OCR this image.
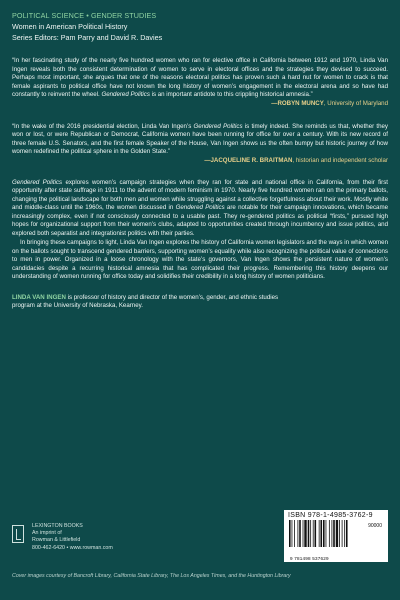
POLITICAL SCIENCE • GENDER STUDIES
Women in American Political History
Series Editors: Pam Parry and David R. Davies
“In her fascinating study of the nearly five hundred women who ran for elective office in California between 1912 and 1970, Linda Van Ingen reveals both the consistent determination of women to serve in electoral offices and the strategies they devised to succeed. Perhaps most important, she argues that one of the reasons electoral politics has proven such a hard nut for women to crack is that female aspirants to political office have not known the long history of women’s engagement in the electoral arena and so have had constantly to reinvent the wheel. Gendered Politics is an important antidote to this crippling historical amnesia.”
—ROBYN MUNCY, University of Maryland
“In the wake of the 2016 presidential election, Linda Van Ingen’s Gendered Politics is timely indeed. She reminds us that, whether they won or lost, or were Republican or Democrat, California women have been running for office for over a century. With its new record of three female U.S. Senators, and the first female Speaker of the House, Van Ingen shows us the often bumpy but historic journey of how women redefined the political sphere in the Golden State.”
—JACQUELINE R. BRAITMAN, historian and independent scholar

Gendered Politics explores women’s campaign strategies when they ran for state and national office in California, from their first opportunity after state suffrage in 1911 to the advent of modern feminism in 1970. Nearly five hundred women ran on the primary ballots, changing the political landscape for both men and women while struggling against a collective forgetfulness about their work. Mostly white and middle-class until the 1960s, the women discussed in Gendered Politics are notable for their campaign innovations, which became increasingly complex, even if not consciously connected to a usable past. They re-gendered politics as political “firsts,” pursued high hopes for organizational support from their women’s clubs, adapted to opportunities created through incumbency and issue politics, and explored both separatist and integrationist politics with their parties.

In bringing these campaigns to light, Linda Van Ingen explores the history of California women legislators and the ways in which women on the ballots sought to transcend gendered barriers, supporting women’s equality while also recognizing the political value of connections to men in power. Organized in a loose chronology with the state’s governors, Van Ingen shows the persistent nature of women’s candidacies despite a recurring historical amnesia that has complicated their progress. Remembering this history deepens our understanding of women running for office today and solidifies their credibility in a long history of women politicians.

LINDA VAN INGEN is professor of history and director of the women’s, gender, and ethnic studies program at the University of Nebraska, Kearney.
LEXINGTON BOOKS
An imprint of
Rowman & Littlefield
800-462-6420 • www.rowman.com
ISBN 978-1-4985-3762-9
90000
9 781498 537629
Cover images courtesy of Bancroft Library, California State Library, The Los Angeles Times, and the Huntington Library
